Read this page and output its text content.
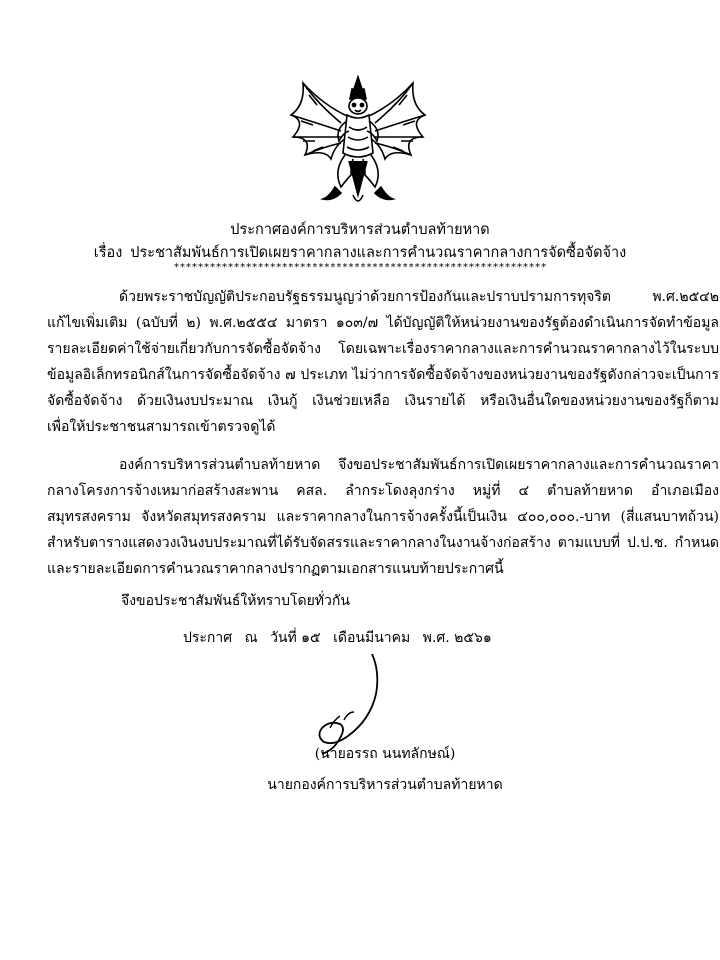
ประกาศองค์การบริหารส่วนตำบลท้ายหาด
เรื่อง ประชาสัมพันธ์การเปิดเผยราคากลางและการคำนวณราคากลางการจัดซื้อจัดจ้าง
**************************************************************
ด้วยพระราชบัญญัติประกอบรัฐธรรมนูญว่าด้วยการป้องกันและปราบปรามการทุจริต พ.ศ.๒๕๔๒
แก้ไขเพิ่มเติม (ฉบับที่ ๒) พ.ศ.๒๕๕๔ มาตรา ๑๐๓/๗ ได้บัญญัติให้หน่วยงานของรัฐต้องดำเนินการจัดทำข้อมูล
รายละเอียดค่าใช้จ่ายเกี่ยวกับการจัดซื้อจัดจ้าง โดยเฉพาะเรื่องราคากลางและการคำนวณราคากลางไว้ในระบบ
ข้อมูลอิเล็กทรอนิกส์ในการจัดซื้อจัดจ้าง ๗ ประเภท ไม่ว่าการจัดซื้อจัดจ้างของหน่วยงานของรัฐดังกล่าวจะเป็นการ
จัดซื้อจัดจ้าง ด้วยเงินงบประมาณ เงินกู้ เงินช่วยเหลือ เงินรายได้ หรือเงินอื่นใดของหน่วยงานของรัฐก็ตาม
เพื่อให้ประชาชนสามารถเข้าตรวจดูได้
องค์การบริหารส่วนตำบลท้ายหาด จึงขอประชาสัมพันธ์การเปิดเผยราคากลางและการคำนวณราคา
กลางโครงการจ้างเหมาก่อสร้างสะพาน คสล. ลำกระโดงลุงกร่าง หมู่ที่ ๔ ตำบลท้ายหาด อำเภอเมือง
สมุทรสงคราม จังหวัดสมุทรสงคราม และราคากลางในการจ้างครั้งนี้เป็นเงิน ๔๐๐,๐๐๐.-บาท (สี่แสนบาทถ้วน)
สำหรับตารางแสดงวงเงินงบประมาณที่ได้รับจัดสรรและราคากลางในงานจ้างก่อสร้าง ตามแบบที่ ป.ป.ช. กำหนด
และรายละเอียดการคำนวณราคากลางปรากฏตามเอกสารแนบท้ายประกาศนี้
จึงขอประชาสัมพันธ์ให้ทราบโดยทั่วกัน
ประกาศ ณ วันที่ ๑๕ เดือนมีนาคม พ.ศ. ๒๕๖๑
(นายอรรถ นนทลักษณ์)
นายกองค์การบริหารส่วนตำบลท้ายหาด
